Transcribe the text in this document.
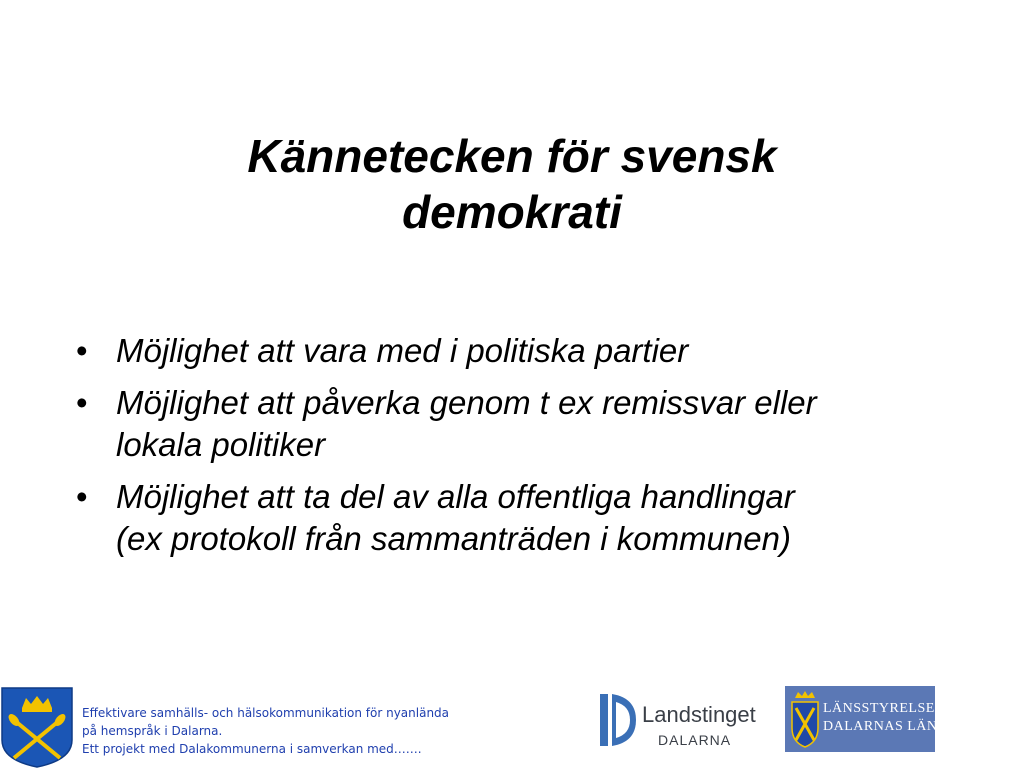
Kännetecken för svensk
demokrati
• Möjlighet att vara med i politiska partier
• Möjlighet att påverka genom t ex remissvar eller
lokala politiker
• Möjlighet att ta del av alla offentliga handlingar
(ex protokoll från sammanträden i kommunen)
Effektivare samhälls- och hälsokommunikation för nyanlända
på hemspråk i Dalarna.
Ett projekt med Dalakommunerna i samverkan med…….
Landstinget
DALARNA
LÄNSSTYRELSEN
DALARNAS LÄN
